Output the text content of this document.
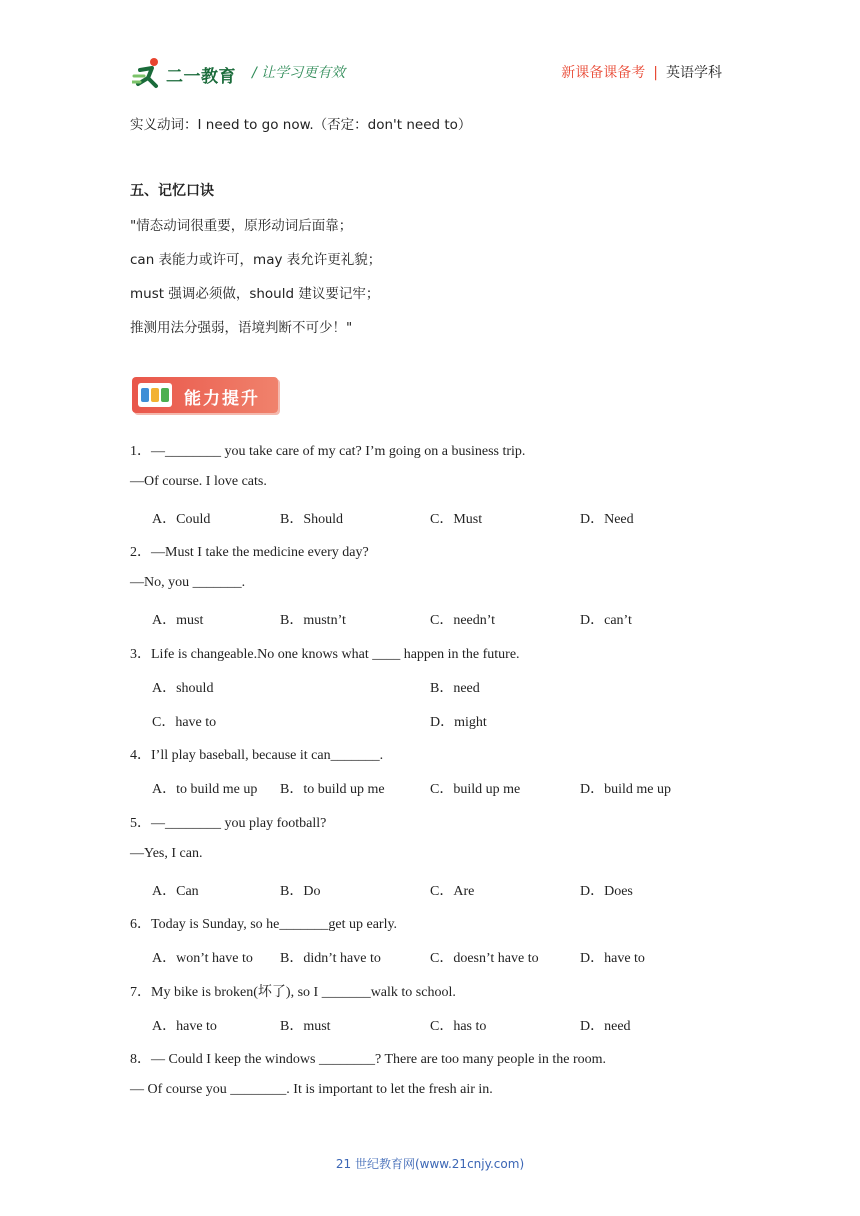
二一教育 / 让学习更有效	新课备课备考 | 英语学科
实义动词：I need to go now.（否定：don't need to）
五、记忆口诀
"情态动词很重要，原形动词后面靠；
can 表能力或许可，may 表允许更礼貌；
must 强调必须做，should 建议要记牢；
推测用法分强弱，语境判断不可少！"
能力提升
1．—________ you take care of my cat? I’m going on a business trip.
—Of course. I love cats.
A．Could	B．Should	C．Must	D．Need
2．—Must I take the medicine every day?
—No, you _______.
A．must	B．mustn’t	C．needn’t	D．can’t
3．Life is changeable.No one knows what ____ happen in the future.
A．should	B．need
C．have to	D．might
4．I’ll play baseball, because it can_______.
A．to build me up B．to build up me	C．build up me	D．build me up
5．—________ you play football?
—Yes, I can.
A．Can	B．Do	C．Are	D．Does
6．Today is Sunday, so he_______get up early.
A．won’t have to B．didn’t have to	C．doesn’t have to	D．have to
7．My bike is broken(坏了), so I _______walk to school.
A．have to	B．must	C．has to	D．need
8．— Could I keep the windows ________? There are too many people in the room.
— Of course you ________. It is important to let the fresh air in.
21 世纪教育网(www.21cnjy.com)
